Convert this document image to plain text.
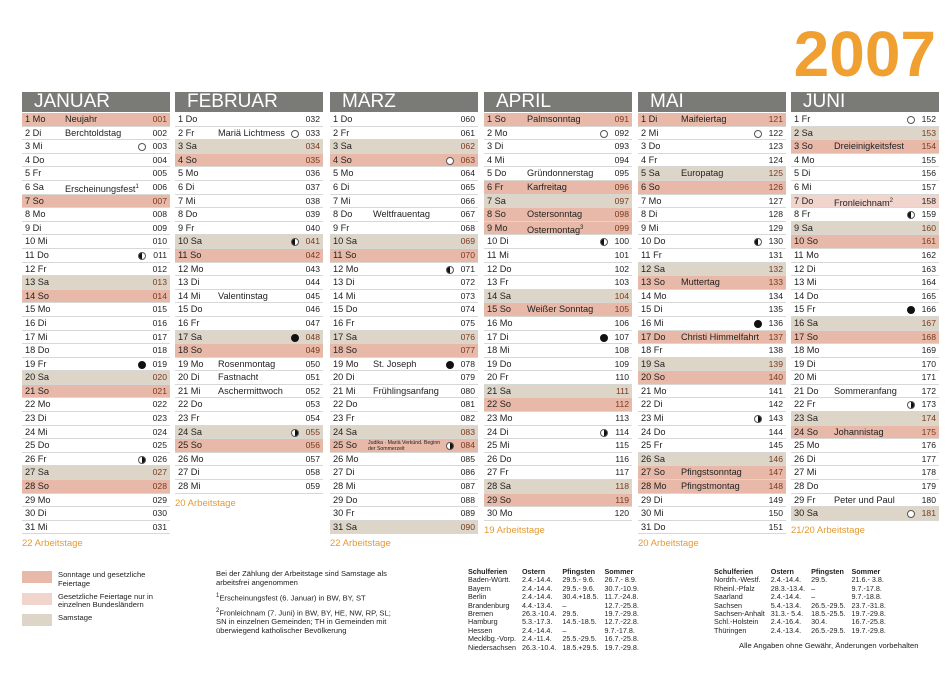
2007
JANUAR
1 Mo Neujahr	001
2 Di	Berchtoldstag	002
3 Mi	003
4 Do	004
5 Fr	005
6 Sa Erscheinungsfest$^1$ 006
7 So	007
8 Mo	008
9 Di	009
10 Mi	010
11 Do	011
12 Fr	012
13 Sa	013
14 So	014
15 Mo	015
16 Di	016
17 Mi	017
18 Do	018
19 Fr	019
20 Sa	020
21 So	021
22 Mo	022
23 Di	023
24 Mi	024
25 Do	025
26 Fr	026
27 Sa	027
28 So	028
29 Mo	029
30 Di	030
31 Mi	031
22 Arbeitstage
FEBRUAR
1 Do	032
2 Fr	Mariä Lichtmess 033
3 Sa	034
4 So	035
5 Mo	036
6 Di	037
7 Mi	038
8 Do	039
9 Fr	040
10 Sa	041
11 So	042
12 Mo	043
13 Di	044
14 Mi Valentinstag	045
15 Do	046
16 Fr	047
17 Sa	048
18 So	049
19 Mo Rosenmontag	050
20 Di Fastnacht	051
21 Mi Aschermittwoch	052
22 Do	053
23 Fr	054
24 Sa	055
25 So	056
26 Mo	057
27 Di	058
28 Mi	059
20 Arbeitstage
MÄRZ
1 Do	060
2 Fr	061
3 Sa	062
4 So	063
5 Mo	064
6 Di	065
7 Mi	066
8 Do Weltfrauentag	067
9 Fr	068
10 Sa	069
11 So	070
12 Mo	071
13 Di	072
14 Mi	073
15 Do	074
16 Fr	075
17 Sa	076
18 So	077
19 Mo St. Joseph	078
20 Di	079
21 Mi Frühlingsanfang	080
22 Do	081
23 Fr	082
24 Sa	083
25 So Judika · Mariä Verkünd. Beginn der Sommerzeit	084
26 Mo	085
27 Di	086
28 Mi	087
29 Do	088
30 Fr	089
31 Sa	090
22 Arbeitstage
APRIL
1 So Palmsonntag	091
2 Mo	092
3 Di	093
4 Mi	094
5 Do Gründonnerstag 095
6 Fr	Karfreitag	096
7 Sa	097
8 So Ostersonntag	098
9 Mo Ostermontag$^3$	099
10 Di	100
11 Mi	101
12 Do	102
13 Fr	103
14 Sa	104
15 So Weißer Sonntag 105
16 Mo	106
17 Di	107
18 Mi	108
19 Do	109
20 Fr	110
21 Sa	111
22 So	112
23 Mo	113
24 Di	114
25 Mi	115
26 Do	116
27 Fr	117
28 Sa	118
29 So	119
30 Mo	120
19 Arbeitstage
MAI
1 Di	Maifeiertag	121
2 Mi	122
3 Do	123
4 Fr	124
5 Sa Europatag	125
6 So	126
7 Mo	127
8 Di	128
9 Mi	129
10 Do	130
11 Fr	131
12 Sa	132
13 So Muttertag	133
14 Mo	134
15 Di	135
16 Mi	136
17 Do Christi Himmelfahrt 137
18 Fr	138
19 Sa	139
20 So	140
21 Mo	141
22 Di	142
23 Mi	143
24 Do	144
25 Fr	145
26 Sa	146
27 So Pfingstsonntag	147
28 Mo Pfingstmontag	148
29 Di	149
30 Mi	150
31 Do	151
20 Arbeitstage
JUNI
1 Fr	152
2 Sa	153
3 So Dreieinigkeitsfest 154
4 Mo	155
5 Di	156
6 Mi	157
7 Do Fronleichnam$^2$	158
8 Fr	159
9 Sa	160
10 So	161
11 Mo	162
12 Di	163
13 Mi	164
14 Do	165
15 Fr	166
16 Sa	167
17 So	168
18 Mo	169
19 Di	170
20 Mi	171
21 Do Sommeranfang	172
22 Fr	173
23 Sa	174
24 So Johannistag	175
25 Mo	176
26 Di	177
27 Mi	178
28 Do	179
29 Fr Peter und Paul	180
30 Sa	181
21/20 Arbeitstage
Sonntage und gesetzliche Feiertage
Gesetzliche Feiertage nur in einzelnen Bundesländern
Samstage
Bei der Zählung der Arbeitstage sind Samstage als arbeitsfrei angenommen
$^1$Erscheinungsfest (6. Januar) in BW, BY, ST
$^2$Fronleichnam (7. Juni) in BW, BY, HE, NW, RP, SL; SN in einzelnen Gemeinden; TH in Gemeinden mit überwiegend katholischer Bevölkerung
Schulferien	Ostern	Pfingsten	Sommer
Baden-Württ.	2.4.-14.4.	29.5.- 9.6.	26.7.- 8.9.
Bayern	2.4.-14.4.	29.5.- 9.6.	30.7.-10.9.
Berlin	2.4.-14.4.	30.4.+18.5.	11.7.-24.8.
Brandenburg	4.4.-13.4.	–	12.7.-25.8.
Bremen	26.3.-10.4.	29.5.	19.7.-29.8.
Hamburg	5.3.-17.3.	14.5.-18.5.	12.7.-22.8.
Hessen	2.4.-14.4.	–	9.7.-17.8.
Mecklbg.-Vorp.	2.4.-11.4.	25.5.-29.5.	16.7.-25.8.
Niedersachsen	26.3.-10.4.	18.5.+29.5.	19.7.-29.8.
Schulferien	Ostern	Pfingsten	Sommer
Nordrh.-Westf.	2.4.-14.4.	29.5.	21.6.- 3.8.
Rheinl.-Pfalz	28.3.-13.4.	–	9.7.-17.8.
Saarland	2.4.-14.4.	–	9.7.-18.8.
Sachsen	5.4.-13.4.	26.5.-29.5.	23.7.-31.8.
Sachsen-Anhalt	31.3.- 5.4.	18.5.-25.5.	19.7.-29.8.
Schl.-Holstein	2.4.-16.4.	30.4.	16.7.-25.8.
Thüringen	2.4.-13.4.	26.5.-29.5.	19.7.-29.8.
Alle Angaben ohne Gewähr, Änderungen vorbehalten
